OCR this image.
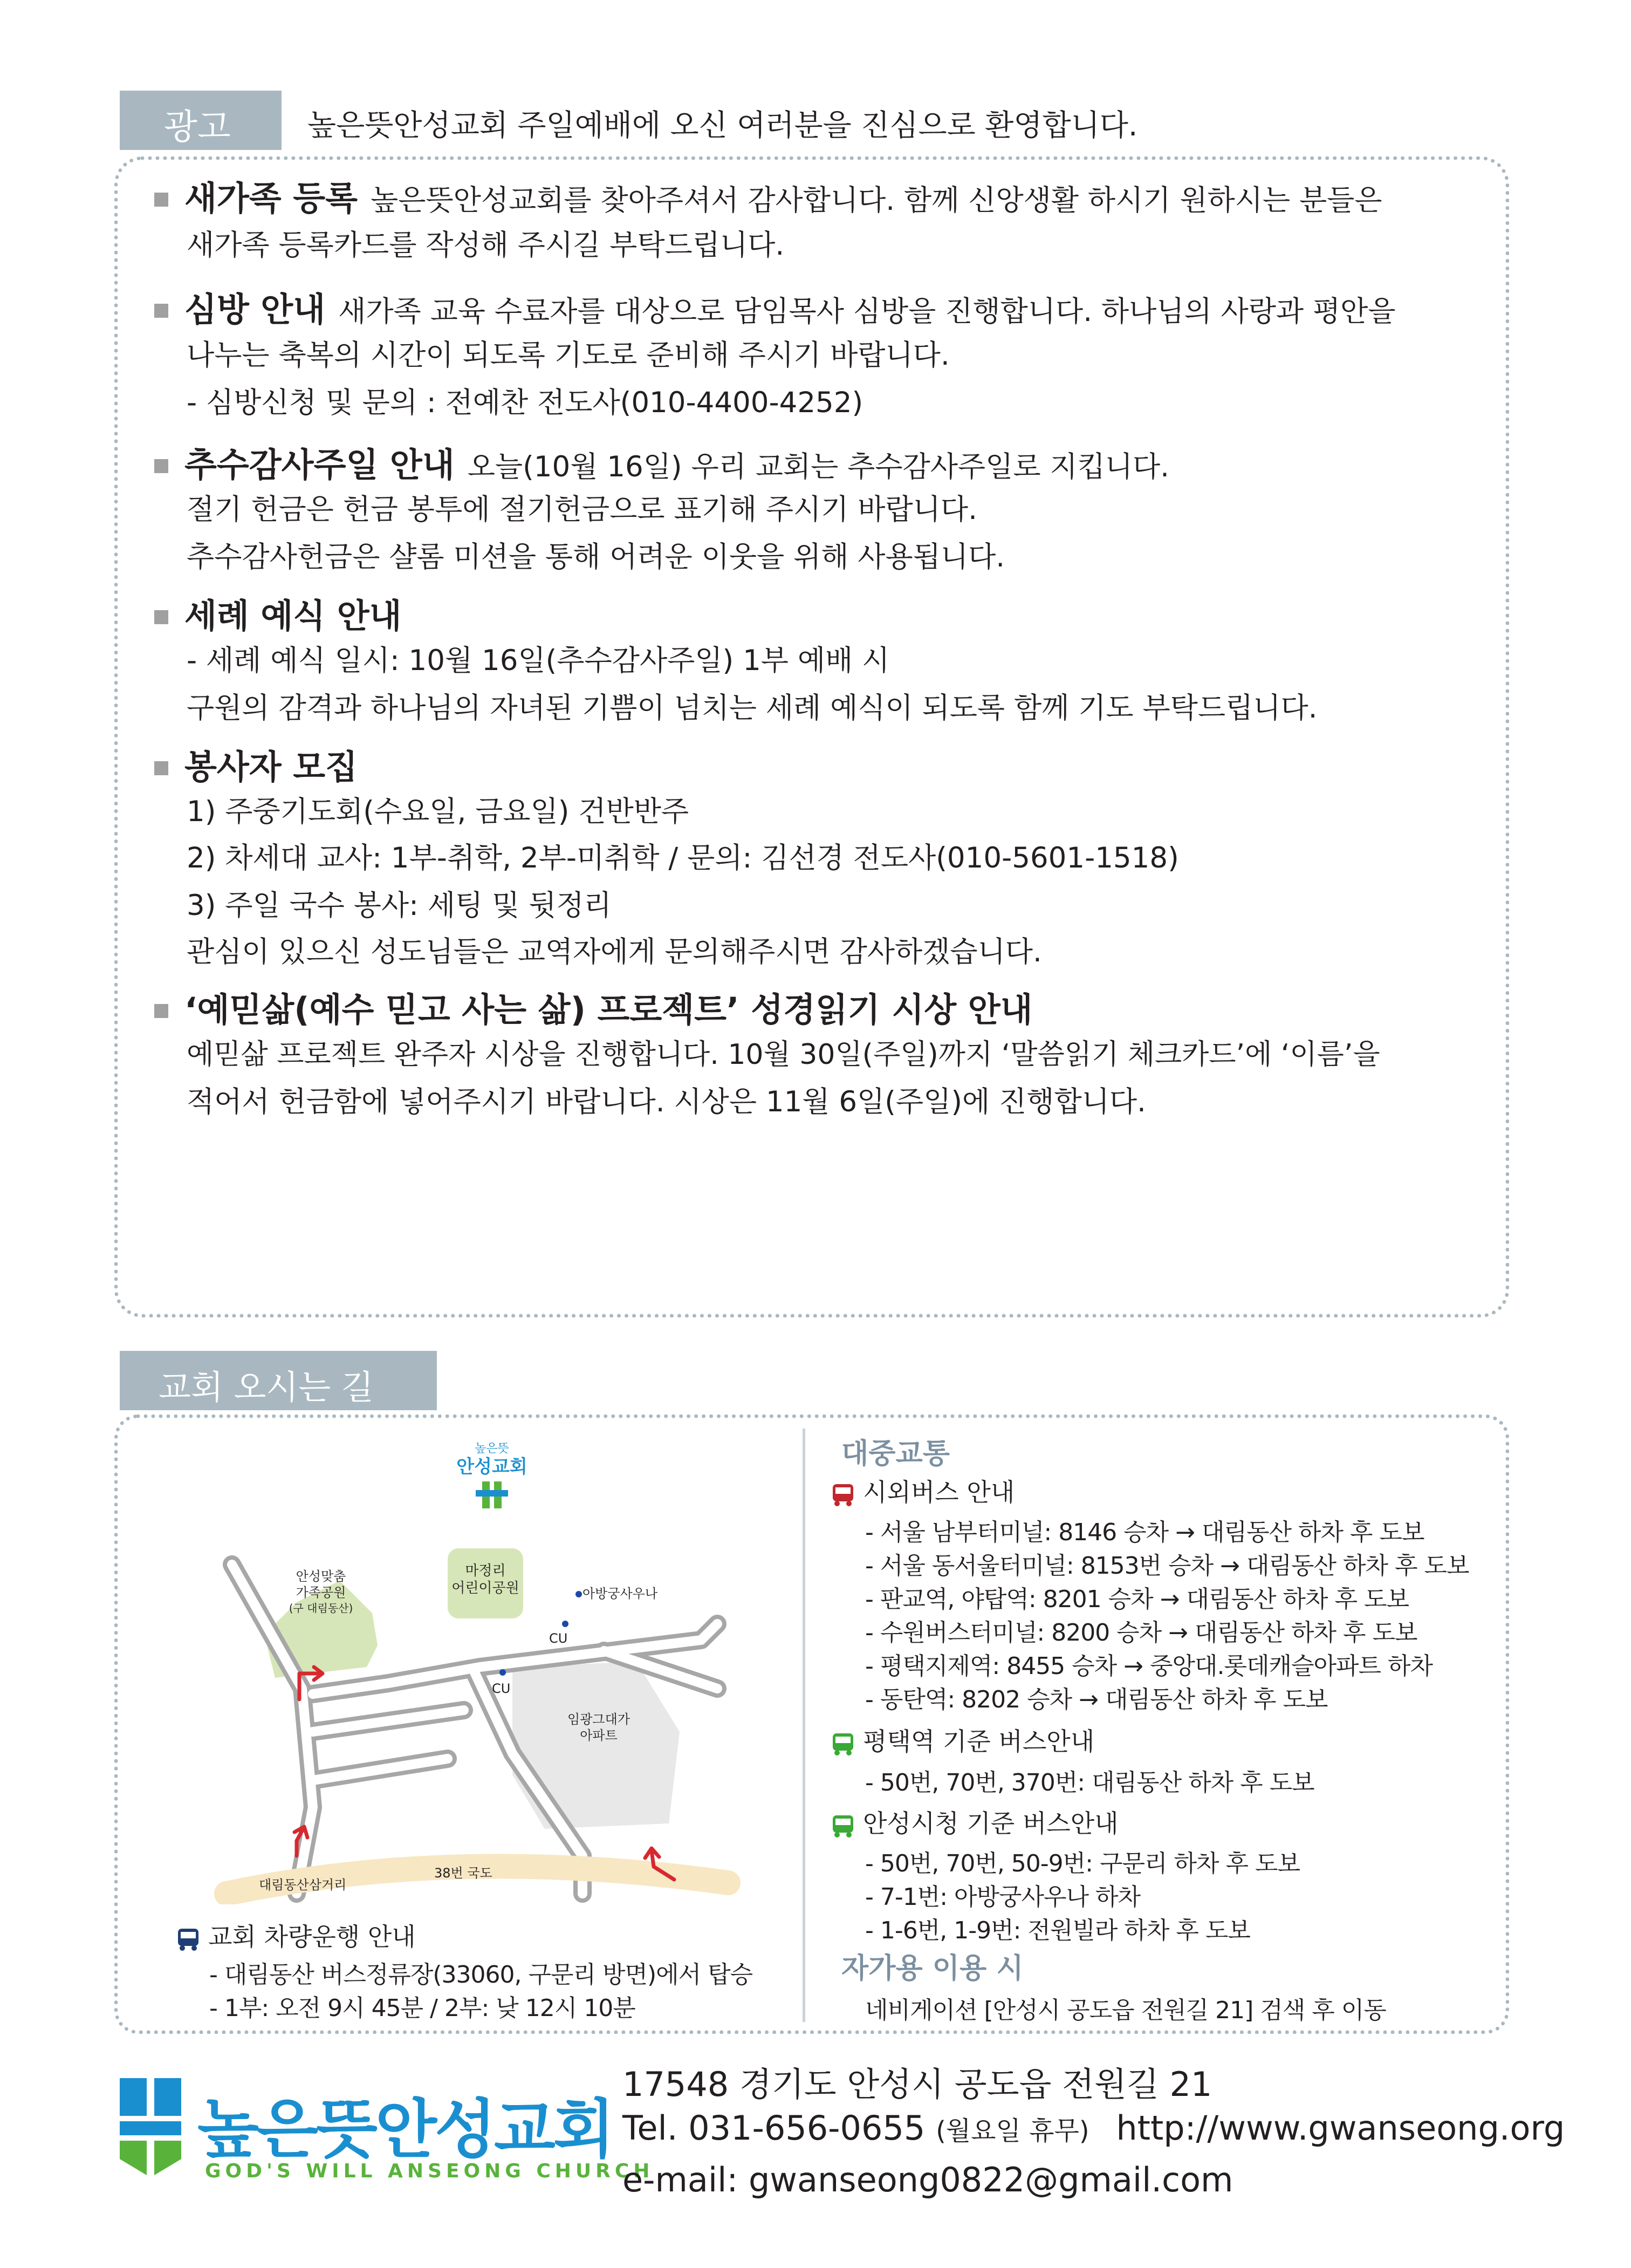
광고	높은뜻안성교회 주일예배에 오신 여러분을 진심으로 환영합니다.
새가족 등록 높은뜻안성교회를 찾아주셔서 감사합니다. 함께 신앙생활 하시기 원하시는 분들은
새가족 등록카드를 작성해 주시길 부탁드립니다.
심방 안내 새가족 교육 수료자를 대상으로 담임목사 심방을 진행합니다. 하나님의 사랑과 평안을
나누는 축복의 시간이 되도록 기도로 준비해 주시기 바랍니다.
- 심방신청 및 문의 : 전예찬 전도사(010-4400-4252)
추수감사주일 안내 오늘(10월 16일) 우리 교회는 추수감사주일로 지킵니다.
절기 헌금은 헌금 봉투에 절기헌금으로 표기해 주시기 바랍니다.
추수감사헌금은 샬롬 미션을 통해 어려운 이웃을 위해 사용됩니다.
세례 예식 안내
- 세례 예식 일시: 10월 16일(추수감사주일) 1부 예배 시
구원의 감격과 하나님의 자녀된 기쁨이 넘치는 세례 예식이 되도록 함께 기도 부탁드립니다.
봉사자 모집
1) 주중기도회(수요일, 금요일) 건반반주
2) 차세대 교사: 1부-취학, 2부-미취학 / 문의: 김선경 전도사(010-5601-1518)
3) 주일 국수 봉사: 세팅 및 뒷정리
관심이 있으신 성도님들은 교역자에게 문의해주시면 감사하겠습니다.
‘예믿삶(예수 믿고 사는 삶) 프로젝트’ 성경읽기 시상 안내
예믿삶 프로젝트 완주자 시상을 진행합니다. 10월 30일(주일)까지 ‘말씀읽기 체크카드’에 ‘이름’을
적어서 헌금함에 넣어주시기 바랍니다. 시상은 11월 6일(주일)에 진행합니다.
교회 오시는 길
높은뜻
안성교회
마정리
어린이공원
안성맞춤
가족공원
(구 대림동산)
아방궁사우나
CU
CU
임광그대가
아파트
38번 국도
대림동산삼거리
교회 차량운행 안내
- 대림동산 버스정류장(33060, 구문리 방면)에서 탑승
- 1부: 오전 9시 45분 / 2부: 낮 12시 10분
대중교통
시외버스 안내
- 서울 남부터미널: 8146 승차 → 대림동산 하차 후 도보
- 서울 동서울터미널: 8153번 승차 → 대림동산 하차 후 도보
- 판교역, 야탑역: 8201 승차 → 대림동산 하차 후 도보
- 수원버스터미널: 8200 승차 → 대림동산 하차 후 도보
- 평택지제역: 8455 승차 → 중앙대.롯데캐슬아파트 하차
- 동탄역: 8202 승차 → 대림동산 하차 후 도보
평택역 기준 버스안내
- 50번, 70번, 370번: 대림동산 하차 후 도보
안성시청 기준 버스안내
- 50번, 70번, 50-9번: 구문리 하차 후 도보
- 7-1번: 아방궁사우나 하차
- 1-6번, 1-9번: 전원빌라 하차 후 도보
자가용 이용 시
네비게이션 [안성시 공도읍 전원길 21] 검색 후 이동
높은뜻안성교회
GOD'S WILL ANSEONG CHURCH
17548 경기도 안성시 공도읍 전원길 21
Tel. 031-656-0655 (월요일 휴무) http://www.gwanseong.org
e-mail: gwanseong0822@gmail.com
